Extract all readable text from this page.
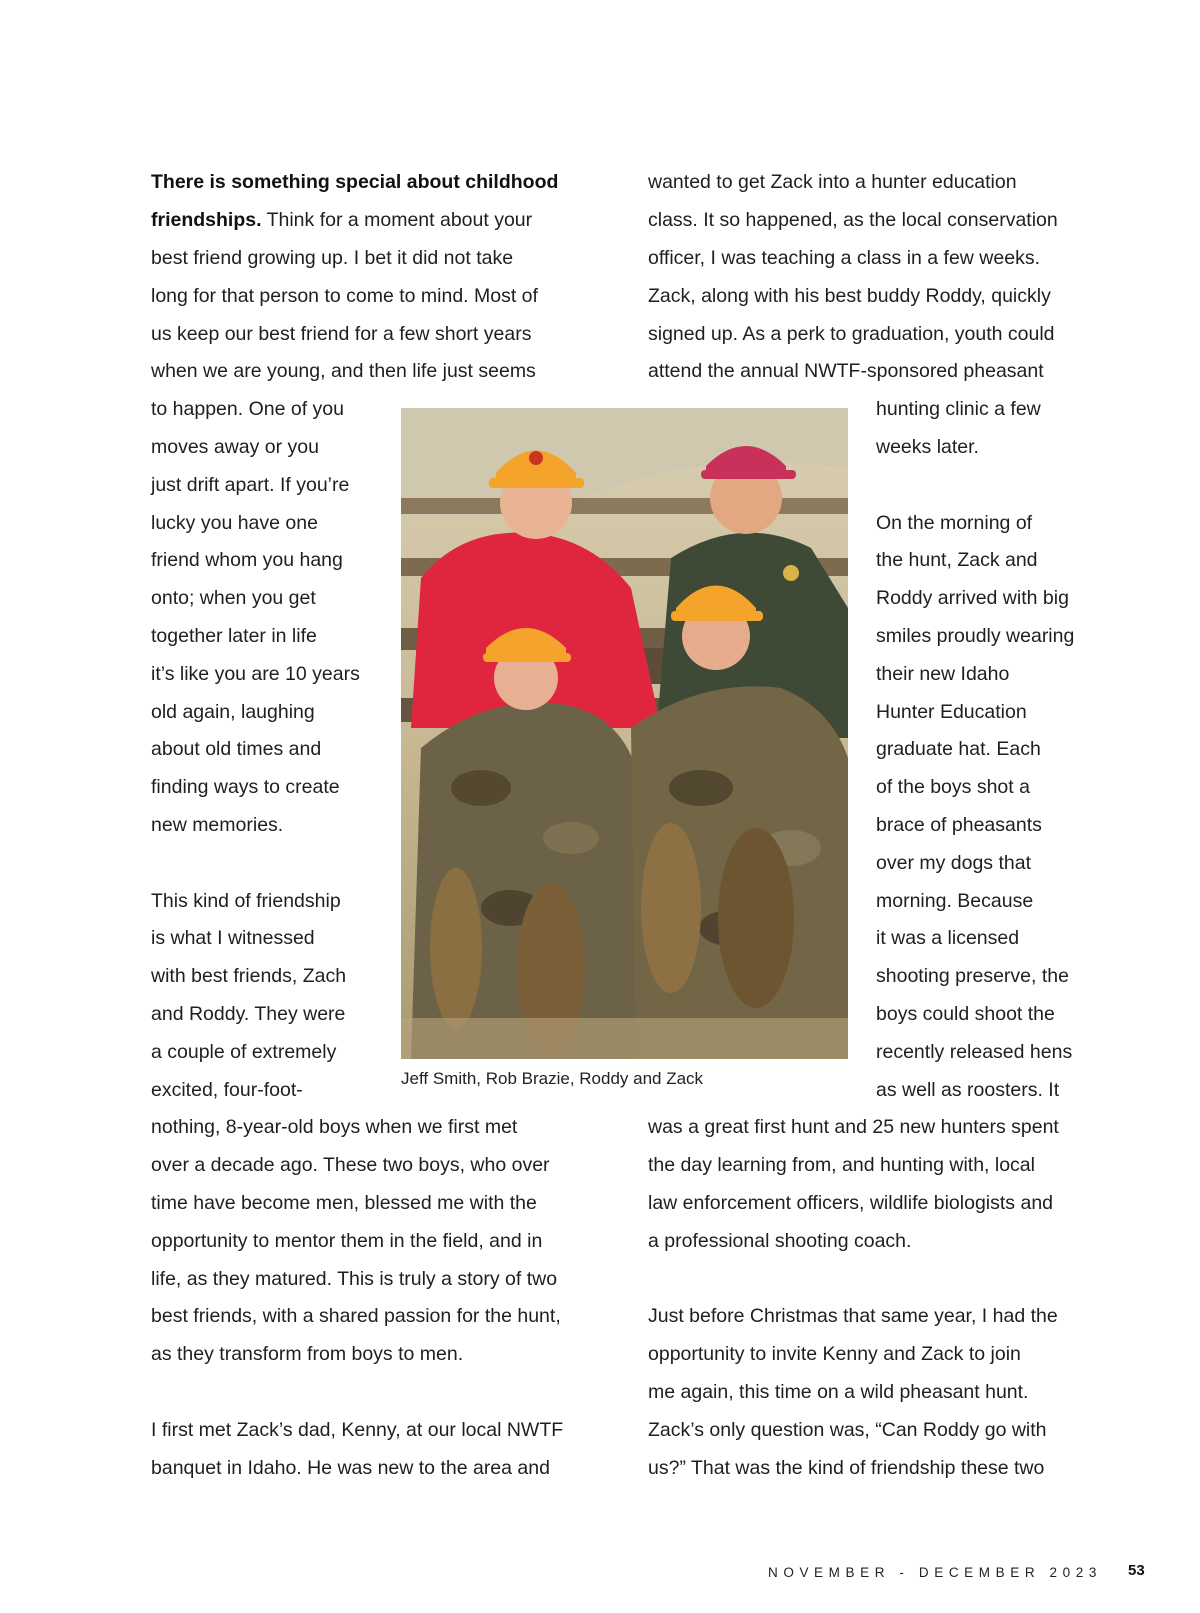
There is something special about childhood
friendships. Think for a moment about your
best friend growing up. I bet it did not take
long for that person to come to mind. Most of
us keep our best friend for a few short years
when we are young, and then life just seems
to happen. One of you
moves away or you
just drift apart. If you’re
lucky you have one
friend whom you hang
onto; when you get
together later in life
it’s like you are 10 years
old again, laughing
about old times and
finding ways to create
new memories.
This kind of friendship
is what I witnessed
with best friends, Zach
and Roddy. They were
a couple of extremely
excited, four-foot-
nothing, 8-year-old boys when we first met
over a decade ago. These two boys, who over
time have become men, blessed me with the
opportunity to mentor them in the field, and in
life, as they matured. This is truly a story of two
best friends, with a shared passion for the hunt,
as they transform from boys to men.
I first met Zack’s dad, Kenny, at our local NWTF
banquet in Idaho. He was new to the area and
wanted to get Zack into a hunter education
class. It so happened, as the local conservation
officer, I was teaching a class in a few weeks.
Zack, along with his best buddy Roddy, quickly
signed up. As a perk to graduation, youth could
attend the annual NWTF-sponsored pheasant
hunting clinic a few
weeks later.
On the morning of
the hunt, Zack and
Roddy arrived with big
smiles proudly wearing
their new Idaho
Hunter Education
graduate hat. Each
of the boys shot a
brace of pheasants
over my dogs that
morning. Because
it was a licensed
shooting preserve, the
boys could shoot the
recently released hens
as well as roosters. It
was a great first hunt and 25 new hunters spent
the day learning from, and hunting with, local
law enforcement officers, wildlife biologists and
a professional shooting coach.
Just before Christmas that same year, I had the
opportunity to invite Kenny and Zack to join
me again, this time on a wild pheasant hunt.
Zack’s only question was, “Can Roddy go with
us?” That was the kind of friendship these two
Jeff Smith, Rob Brazie, Roddy and Zack
NOVEMBER - DECEMBER 2023 53
